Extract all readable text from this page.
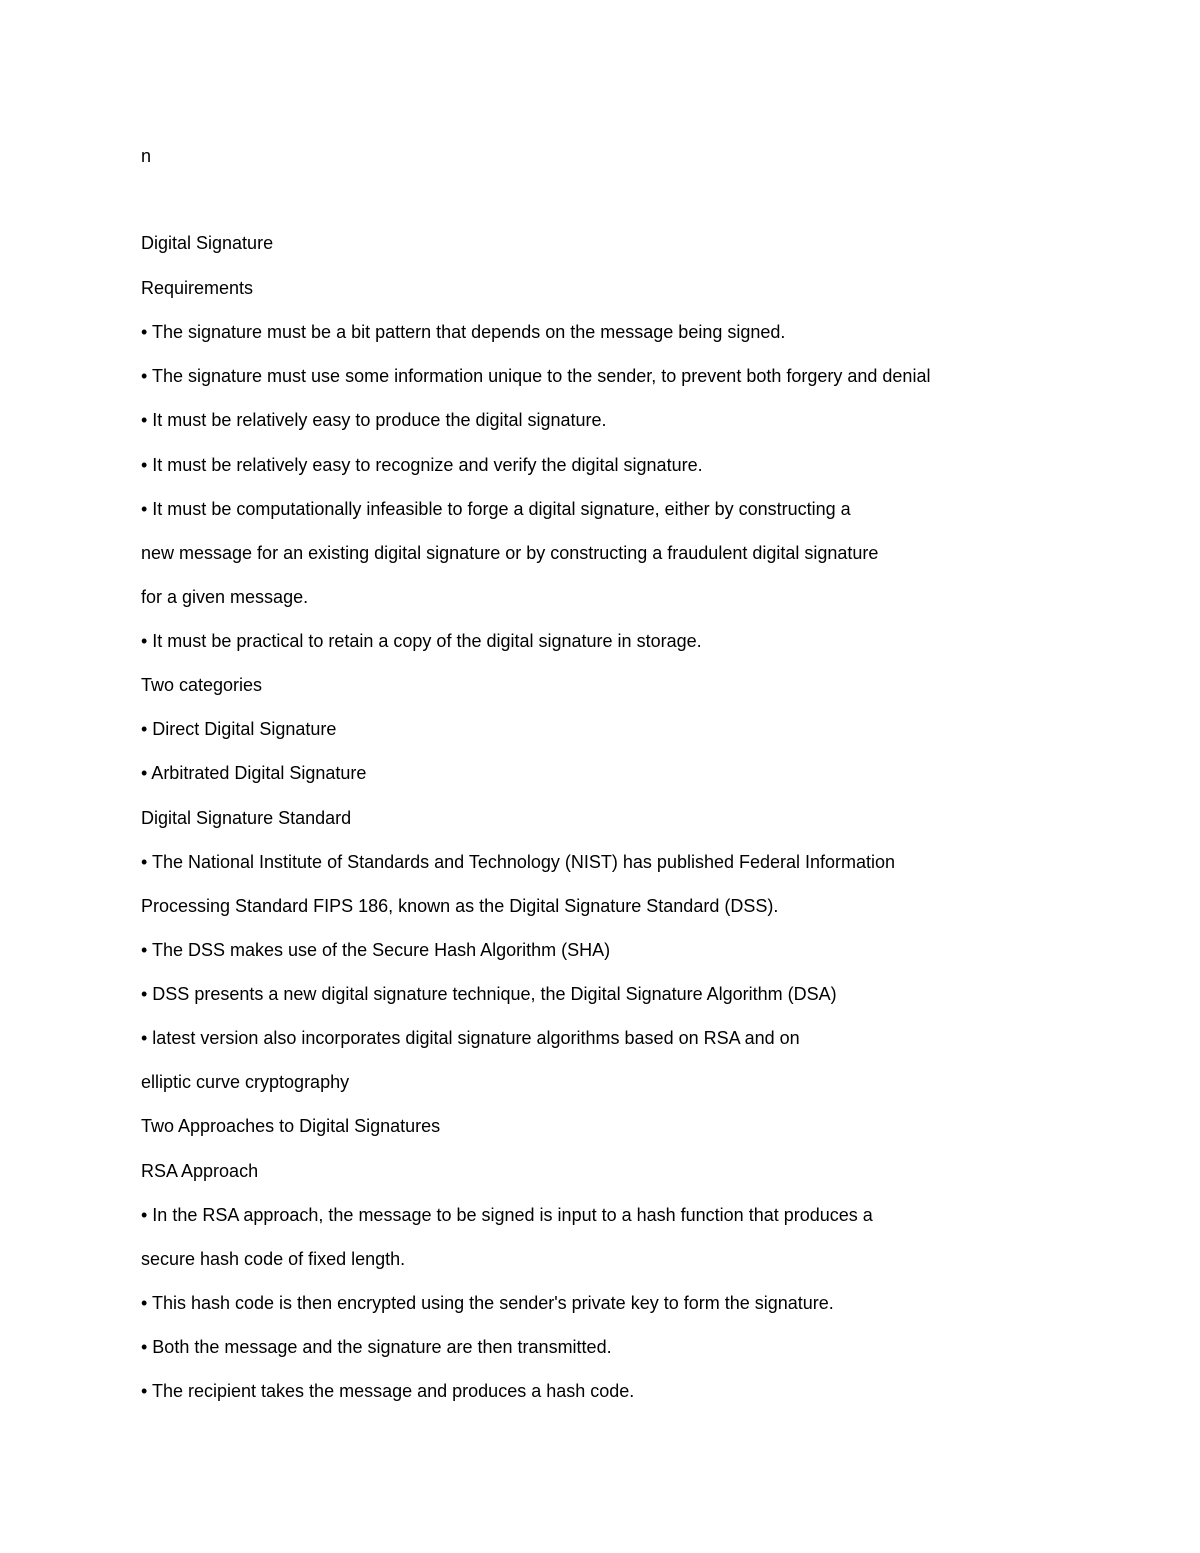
n

Digital Signature

Requirements

• The signature must be a bit pattern that depends on the message being signed.

• The signature must use some information unique to the sender, to prevent both forgery and denial

• It must be relatively easy to produce the digital signature.

• It must be relatively easy to recognize and verify the digital signature.

• It must be computationally infeasible to forge a digital signature, either by constructing a

new message for an existing digital signature or by constructing a fraudulent digital signature

for a given message.

• It must be practical to retain a copy of the digital signature in storage.

Two categories

• Direct Digital Signature

• Arbitrated Digital Signature

Digital Signature Standard

• The National Institute of Standards and Technology (NIST) has published Federal Information

Processing Standard FIPS 186, known as the Digital Signature Standard (DSS).

• The DSS makes use of the Secure Hash Algorithm (SHA)

• DSS presents a new digital signature technique, the Digital Signature Algorithm (DSA)

• latest version also incorporates digital signature algorithms based on RSA and on

elliptic curve cryptography

Two Approaches to Digital Signatures

RSA Approach

• In the RSA approach, the message to be signed is input to a hash function that produces a

secure hash code of fixed length.

• This hash code is then encrypted using the sender's private key to form the signature.

• Both the message and the signature are then transmitted.

• The recipient takes the message and produces a hash code.
